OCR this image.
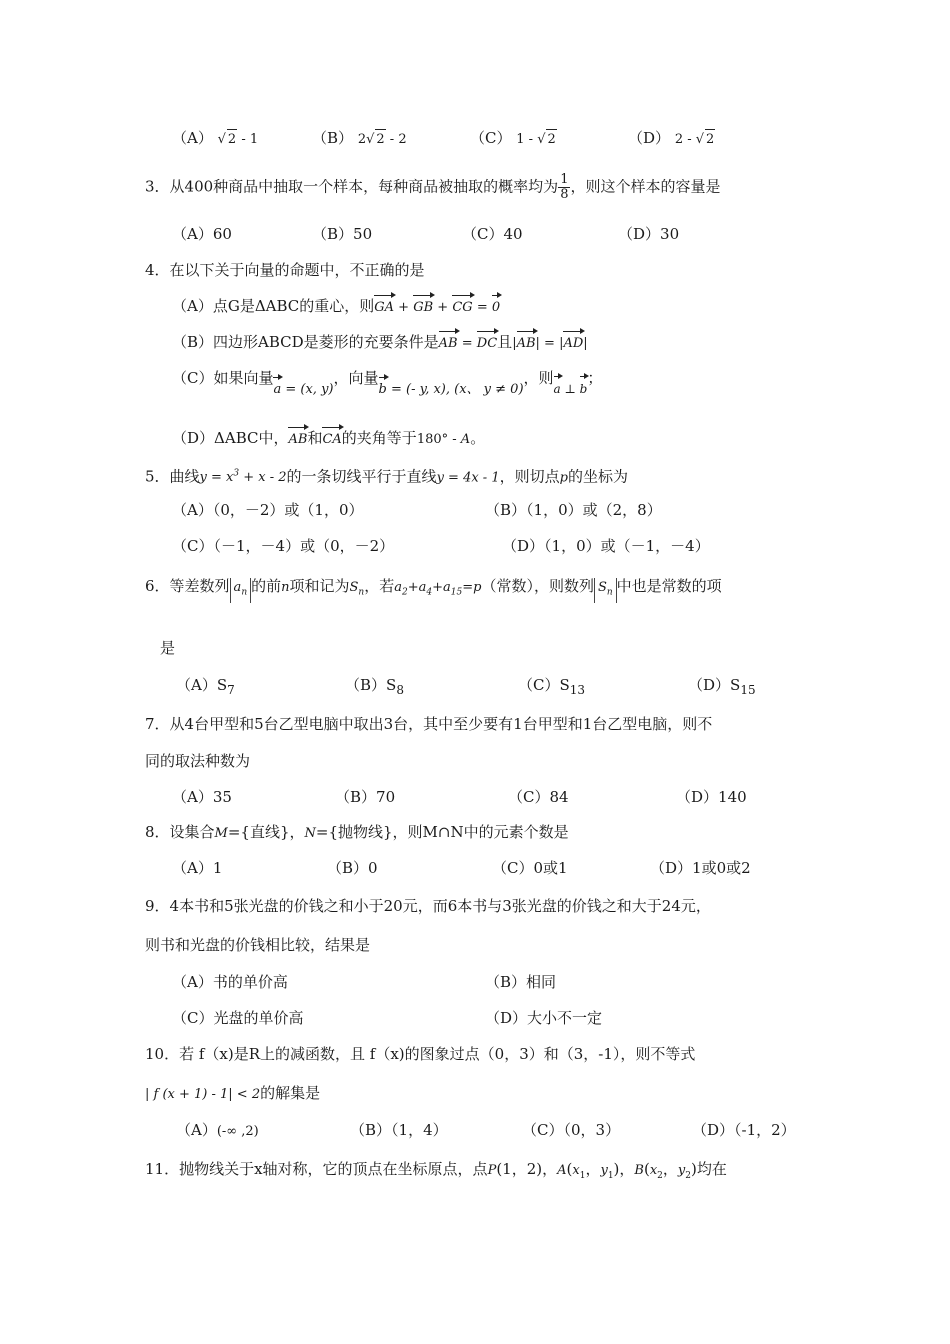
（A） √ 2 - 1	（B） 2√ 2 - 2	（C） 1 - √ 2	（D） 2 - √ 2
3．从400种商品中抽取一个样本，每种商品被抽取的概率均为 $\frac{1}{8}$ ，则这个样本的容量是
（A）60	（B）50	（C）40	（D）30
4．在以下关于向量的命题中，不正确的是
（A）点G是ΔABC的重心，则GA + GB + CG = 0
（B）四边形ABCD是菱形的充要条件是AB = DC且|AB| = |AD|
（C）如果向量a = (x, y)，向量b = (- y, x), (x、 y ≠ 0)，则$_{a \perp b}$；
（D）ΔABC中，AB和CA的夹角等于180° - A。
5．曲线$y = x^3 + x - 2$的一条切线平行于直线y = 4x - 1，则切点p的坐标为
（A）（0，－2）或（1，0）	（B）（1，0）或（2，8）
（C）（－1，－4）或（0，－2）	（D）（1，0）或（－1，－4）
6．等差数列 $a_n$ 的前n项和记为$S_n$，若$a_2+a_4+a_{15}=p$（常数），则数列 $S_n$ 中也是常数的项
是
$(A)S_7$	$(B)S_8$	$(C)S_{13}$	$(D)S_{15}$
7．从4台甲型和5台乙型电脑中取出3台，其中至少要有1台甲型和1台乙型电脑，则不
同的取法种数为
（A）35	（B）70	（C）84	（D）140
8．设集合M={直线}，N={抛物线}，则M∩N中的元素个数是
（A）1	（B）0	（C）0或1	（D）1或0或2
9．4本书和5张光盘的价钱之和小于20元，而6本书与3张光盘的价钱之和大于24元，
则书和光盘的价钱相比较，结果是
（A）书的单价高	（B）相同
（C）光盘的单价高	（D）大小不一定
10．若 f（x)是R上的减函数，且 f（x)的图象过点（0，3）和（3，-1），则不等式
| f (x + 1) - 1| < 2的解集是
（A）(-∞ ,2)	（B）（1，4）	（C）（0，3）	（D）（-1，2）
11．抛物线关于x轴对称，它的顶点在坐标原点，点P(1，2)，$A(x_1$，$y_1$)，$B(x_2$，$y_2$)均在
